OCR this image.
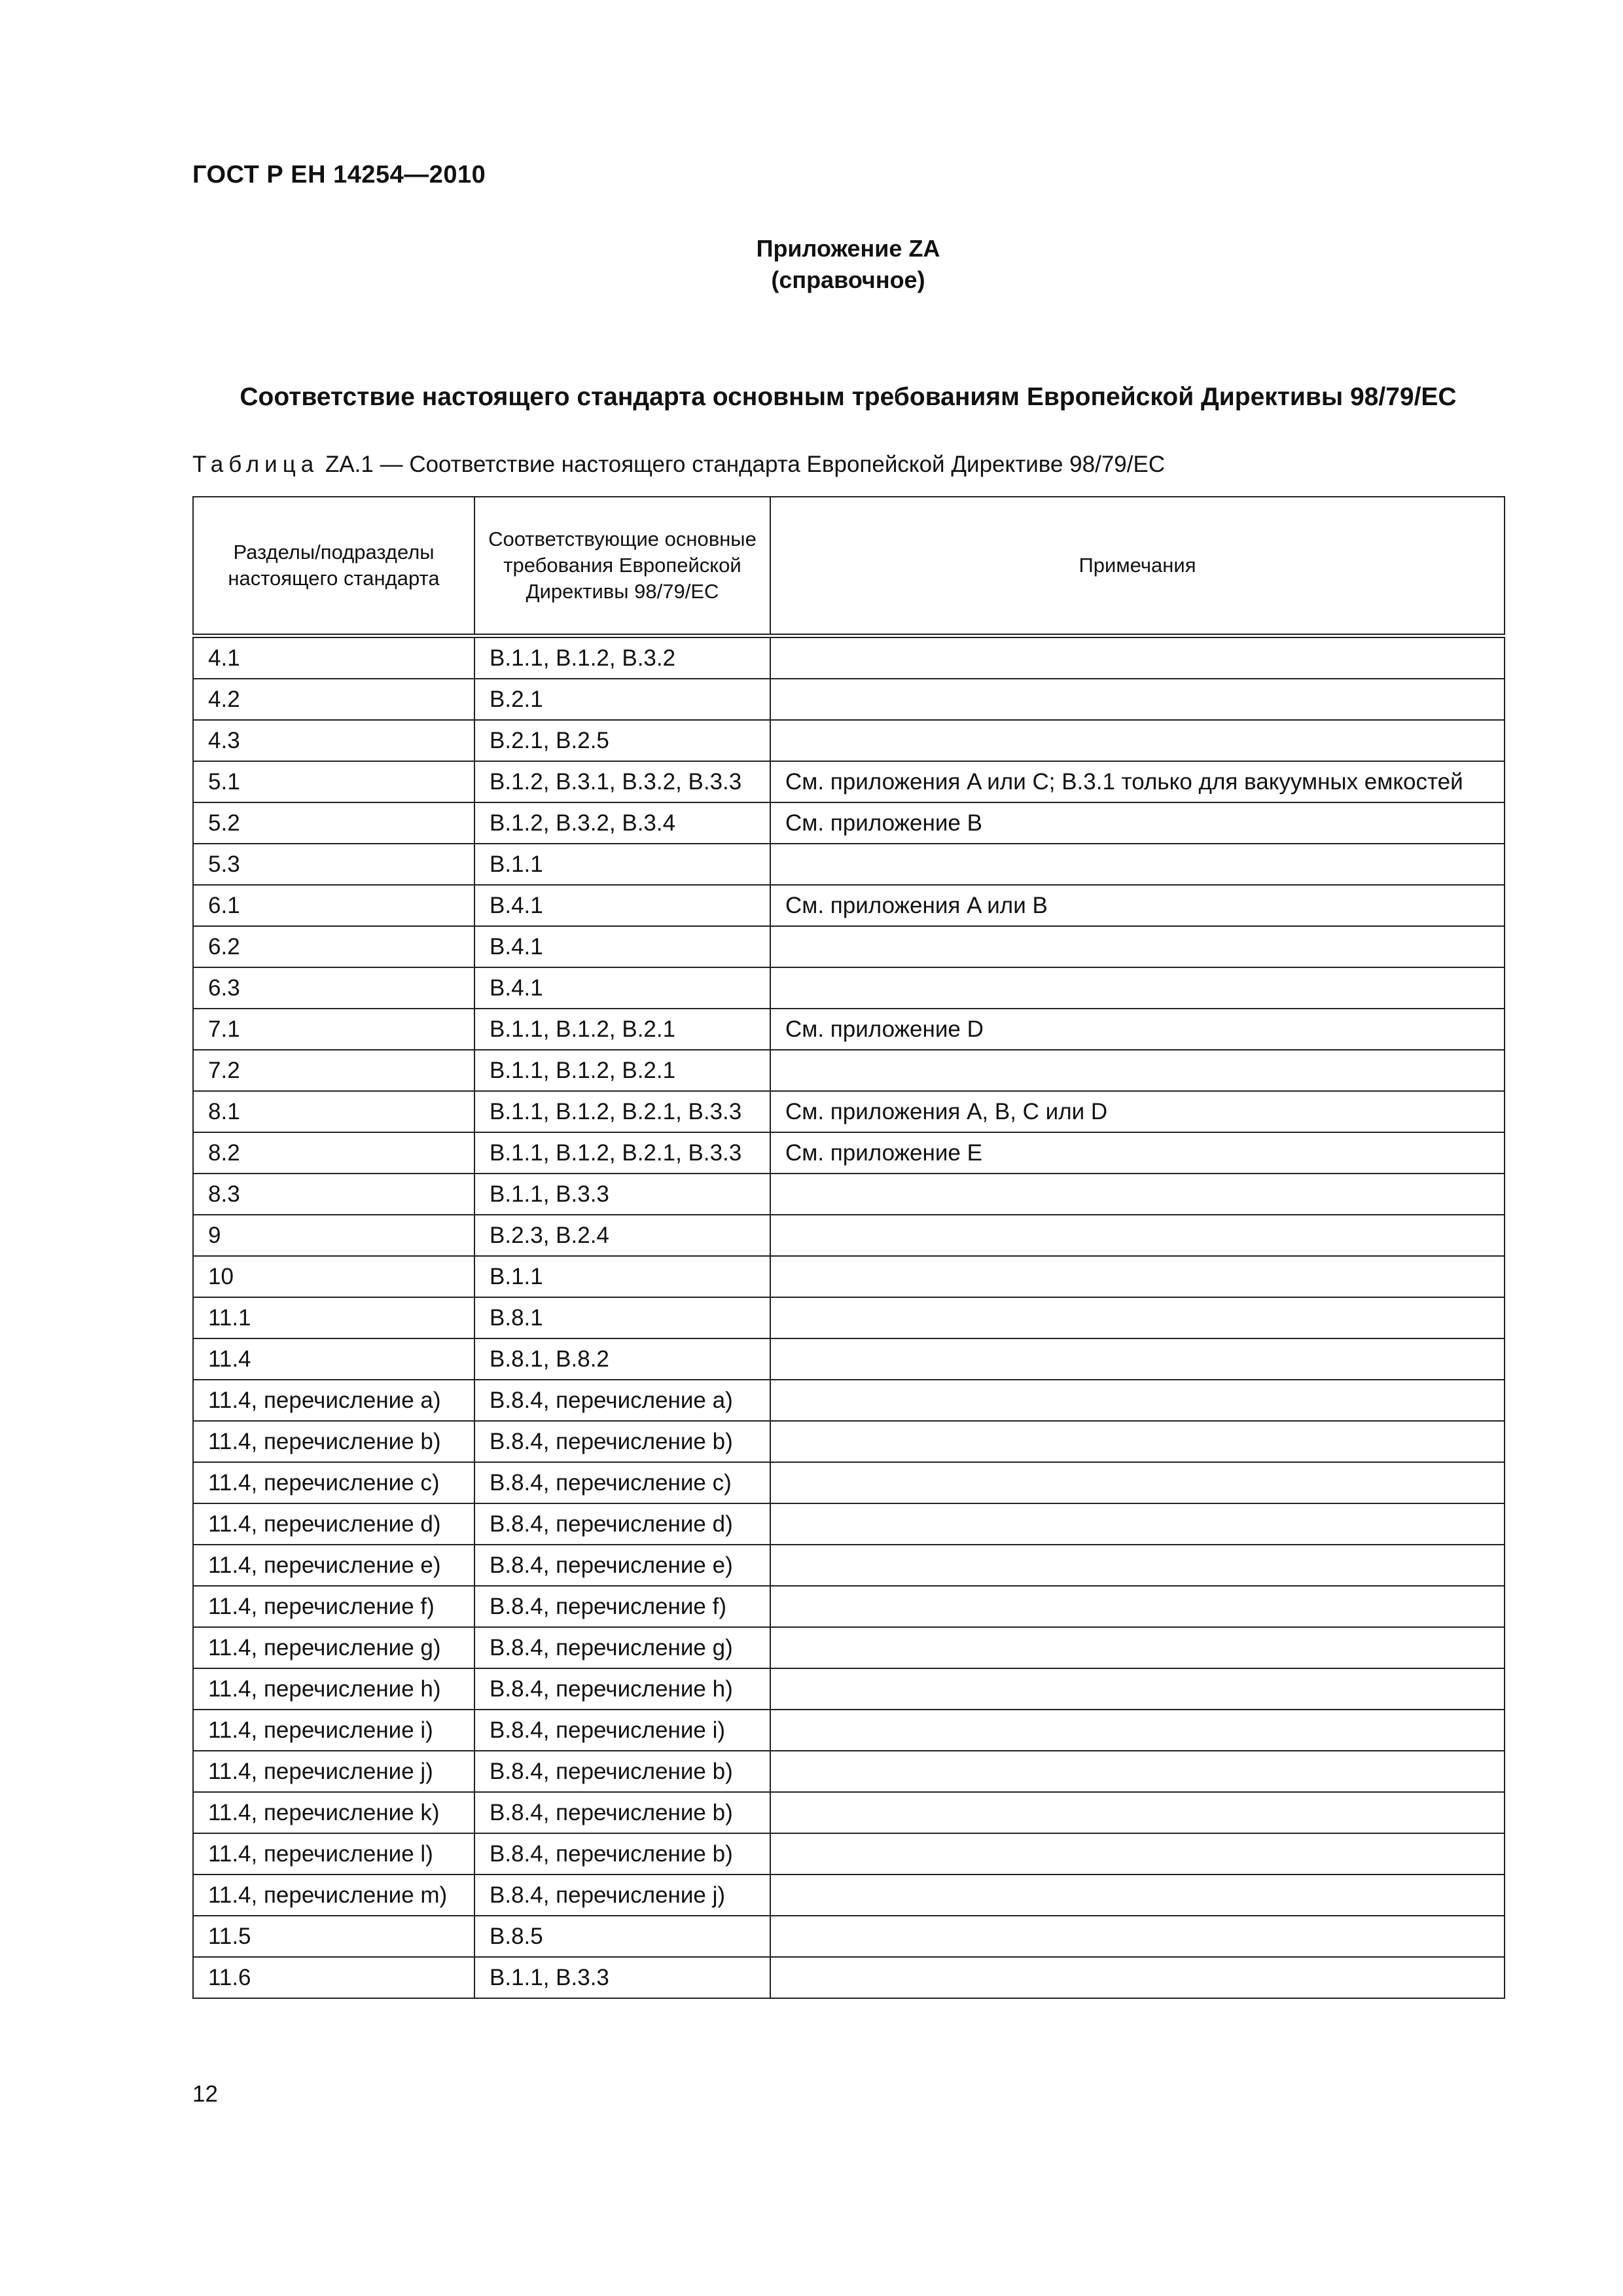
ГОСТ Р ЕН 14254—2010
Приложение ZA
(справочное)
Соответствие настоящего стандарта основным требованиям Европейской Директивы 98/79/EC
Таблица ZA.1 — Соответствие настоящего стандарта Европейской Директиве 98/79/EC
Разделы/подразделы настоящего стандарта	Соответствующие основные требования Европейской Директивы 98/79/EC	Примечания
4.1	B.1.1, B.1.2, B.3.2	
4.2	B.2.1	
4.3	B.2.1, B.2.5	
5.1	B.1.2, B.3.1, B.3.2, B.3.3	См. приложения A или C; B.3.1 только для вакуумных емкостей
5.2	B.1.2, B.3.2, B.3.4	См. приложение B
5.3	B.1.1	
6.1	B.4.1	См. приложения A или B
6.2	B.4.1	
6.3	B.4.1	
7.1	B.1.1, B.1.2, B.2.1	См. приложение D
7.2	B.1.1, B.1.2, B.2.1	
8.1	B.1.1, B.1.2, B.2.1, B.3.3	См. приложения A, B, C или D
8.2	B.1.1, B.1.2, B.2.1, B.3.3	См. приложение E
8.3	B.1.1, B.3.3	
9	B.2.3, B.2.4	
10	B.1.1	
11.1	B.8.1	
11.4	B.8.1, B.8.2	
11.4, перечисление a)	B.8.4, перечисление a)	
11.4, перечисление b)	B.8.4, перечисление b)	
11.4, перечисление c)	B.8.4, перечисление c)	
11.4, перечисление d)	B.8.4, перечисление d)	
11.4, перечисление e)	B.8.4, перечисление e)	
11.4, перечисление f)	B.8.4, перечисление f)	
11.4, перечисление g)	B.8.4, перечисление g)	
11.4, перечисление h)	B.8.4, перечисление h)	
11.4, перечисление i)	B.8.4, перечисление i)	
11.4, перечисление j)	B.8.4, перечисление b)	
11.4, перечисление k)	B.8.4, перечисление b)	
11.4, перечисление l)	B.8.4, перечисление b)	
11.4, перечисление m)	B.8.4, перечисление j)	
11.5	B.8.5	
11.6	B.1.1, B.3.3	
12
